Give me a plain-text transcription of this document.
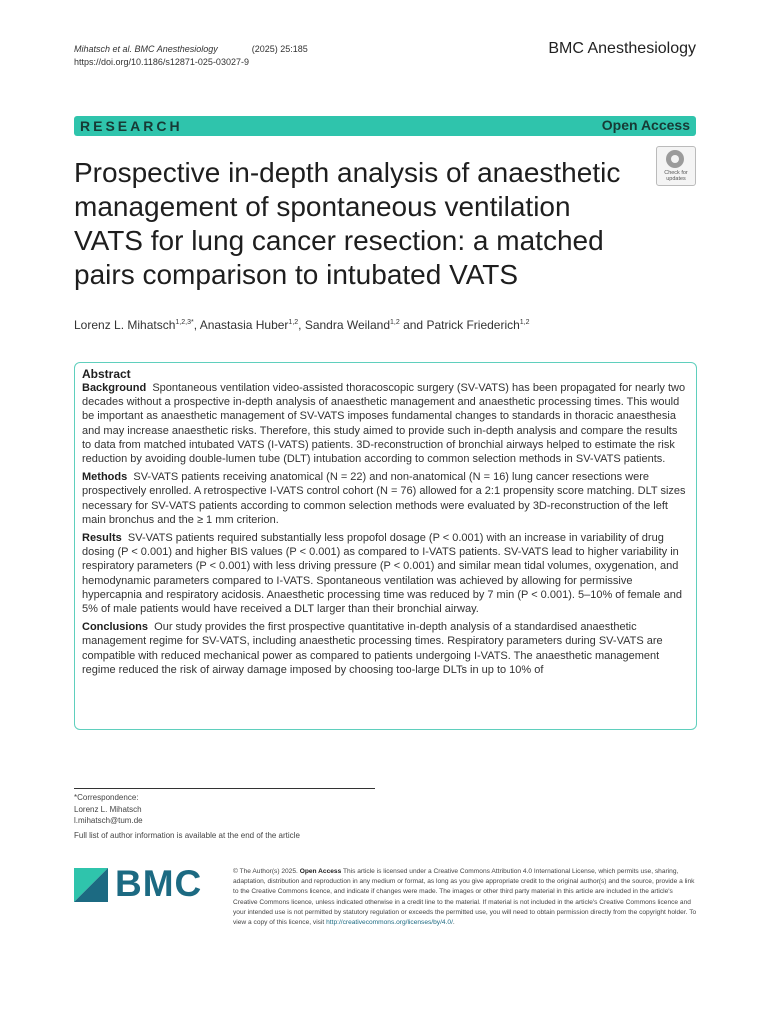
Mihatsch et al. BMC Anesthesiology	(2025) 25:185
https://doi.org/10.1186/s12871-025-03027-9
BMC Anesthesiology
RESEARCH	Open Access
Prospective in-depth analysis of anaesthetic management of spontaneous ventilation VATS for lung cancer resection: a matched pairs comparison to intubated VATS
Check for
updates
Lorenz L. Mihatsch$^{1,2,3*}$, Anastasia Huber$^{1,2}$, Sandra Weiland$^{1,2}$ and Patrick Friederich$^{1,2}$
Abstract

Background Spontaneous ventilation video-assisted thoracoscopic surgery (SV-VATS) has been propagated for nearly two decades without a prospective in-depth analysis of anaesthetic management and anaesthetic processing times. This would be important as anaesthetic management of SV-VATS imposes fundamental changes to standards in thoracic anaesthesia and may increase anaesthetic risks. Therefore, this study aimed to provide such in-depth analysis and compare the results to data from matched intubated VATS (I-VATS) patients. 3D-reconstruction of bronchial airways helped to estimate the risk reduction by avoiding double-lumen tube (DLT) intubation according to common selection methods in SV-VATS patients.

Methods SV-VATS patients receiving anatomical (N = 22) and non-anatomical (N = 16) lung cancer resections were prospectively enrolled. A retrospective I-VATS control cohort (N = 76) allowed for a 2:1 propensity score matching. DLT sizes necessary for SV-VATS patients according to common selection methods were evaluated by 3D-reconstruction of the left main bronchus and the ≥ 1 mm criterion.

Results SV-VATS patients required substantially less propofol dosage (P < 0.001) with an increase in variability of drug dosing (P < 0.001) and higher BIS values (P < 0.001) as compared to I-VATS patients. SV-VATS lead to higher variability in respiratory parameters (P < 0.001) with less driving pressure (P < 0.001) and similar mean tidal volumes, oxygenation, and hemodynamic parameters compared to I-VATS. Spontaneous ventilation was achieved by allowing for permissive hypercapnia and respiratory acidosis. Anaesthetic processing time was reduced by 7 min (P < 0.001). 5–10% of female and 5% of male patients would have received a DLT larger than their bronchial airway.

Conclusions Our study provides the first prospective quantitative in-depth analysis of a standardised anaesthetic management regime for SV-VATS, including anaesthetic processing times. Respiratory parameters during SV-VATS are compatible with reduced mechanical power as compared to patients undergoing I-VATS. The anaesthetic management regime reduced the risk of airway damage imposed by choosing too-large DLTs in up to 10% of

*Correspondence:
Lorenz L. Mihatsch
l.mihatsch@tum.de
Full list of author information is available at the end of the article
BMC	© The Author(s) 2025. Open Access This article is licensed under a Creative Commons Attribution 4.0 International License, which permits use, sharing, adaptation, distribution and reproduction in any medium or format, as long as you give appropriate credit to the original author(s) and the source, provide a link to the Creative Commons licence, and indicate if changes were made. The images or other third party material in this article are included in the article's Creative Commons licence, unless indicated otherwise in a credit line to the material. If material is not included in the article's Creative Commons licence and your intended use is not permitted by statutory regulation or exceeds the permitted use, you will need to obtain permission directly from the copyright holder. To view a copy of this licence, visit http://creativecommons.org/licenses/by/4.0/.
